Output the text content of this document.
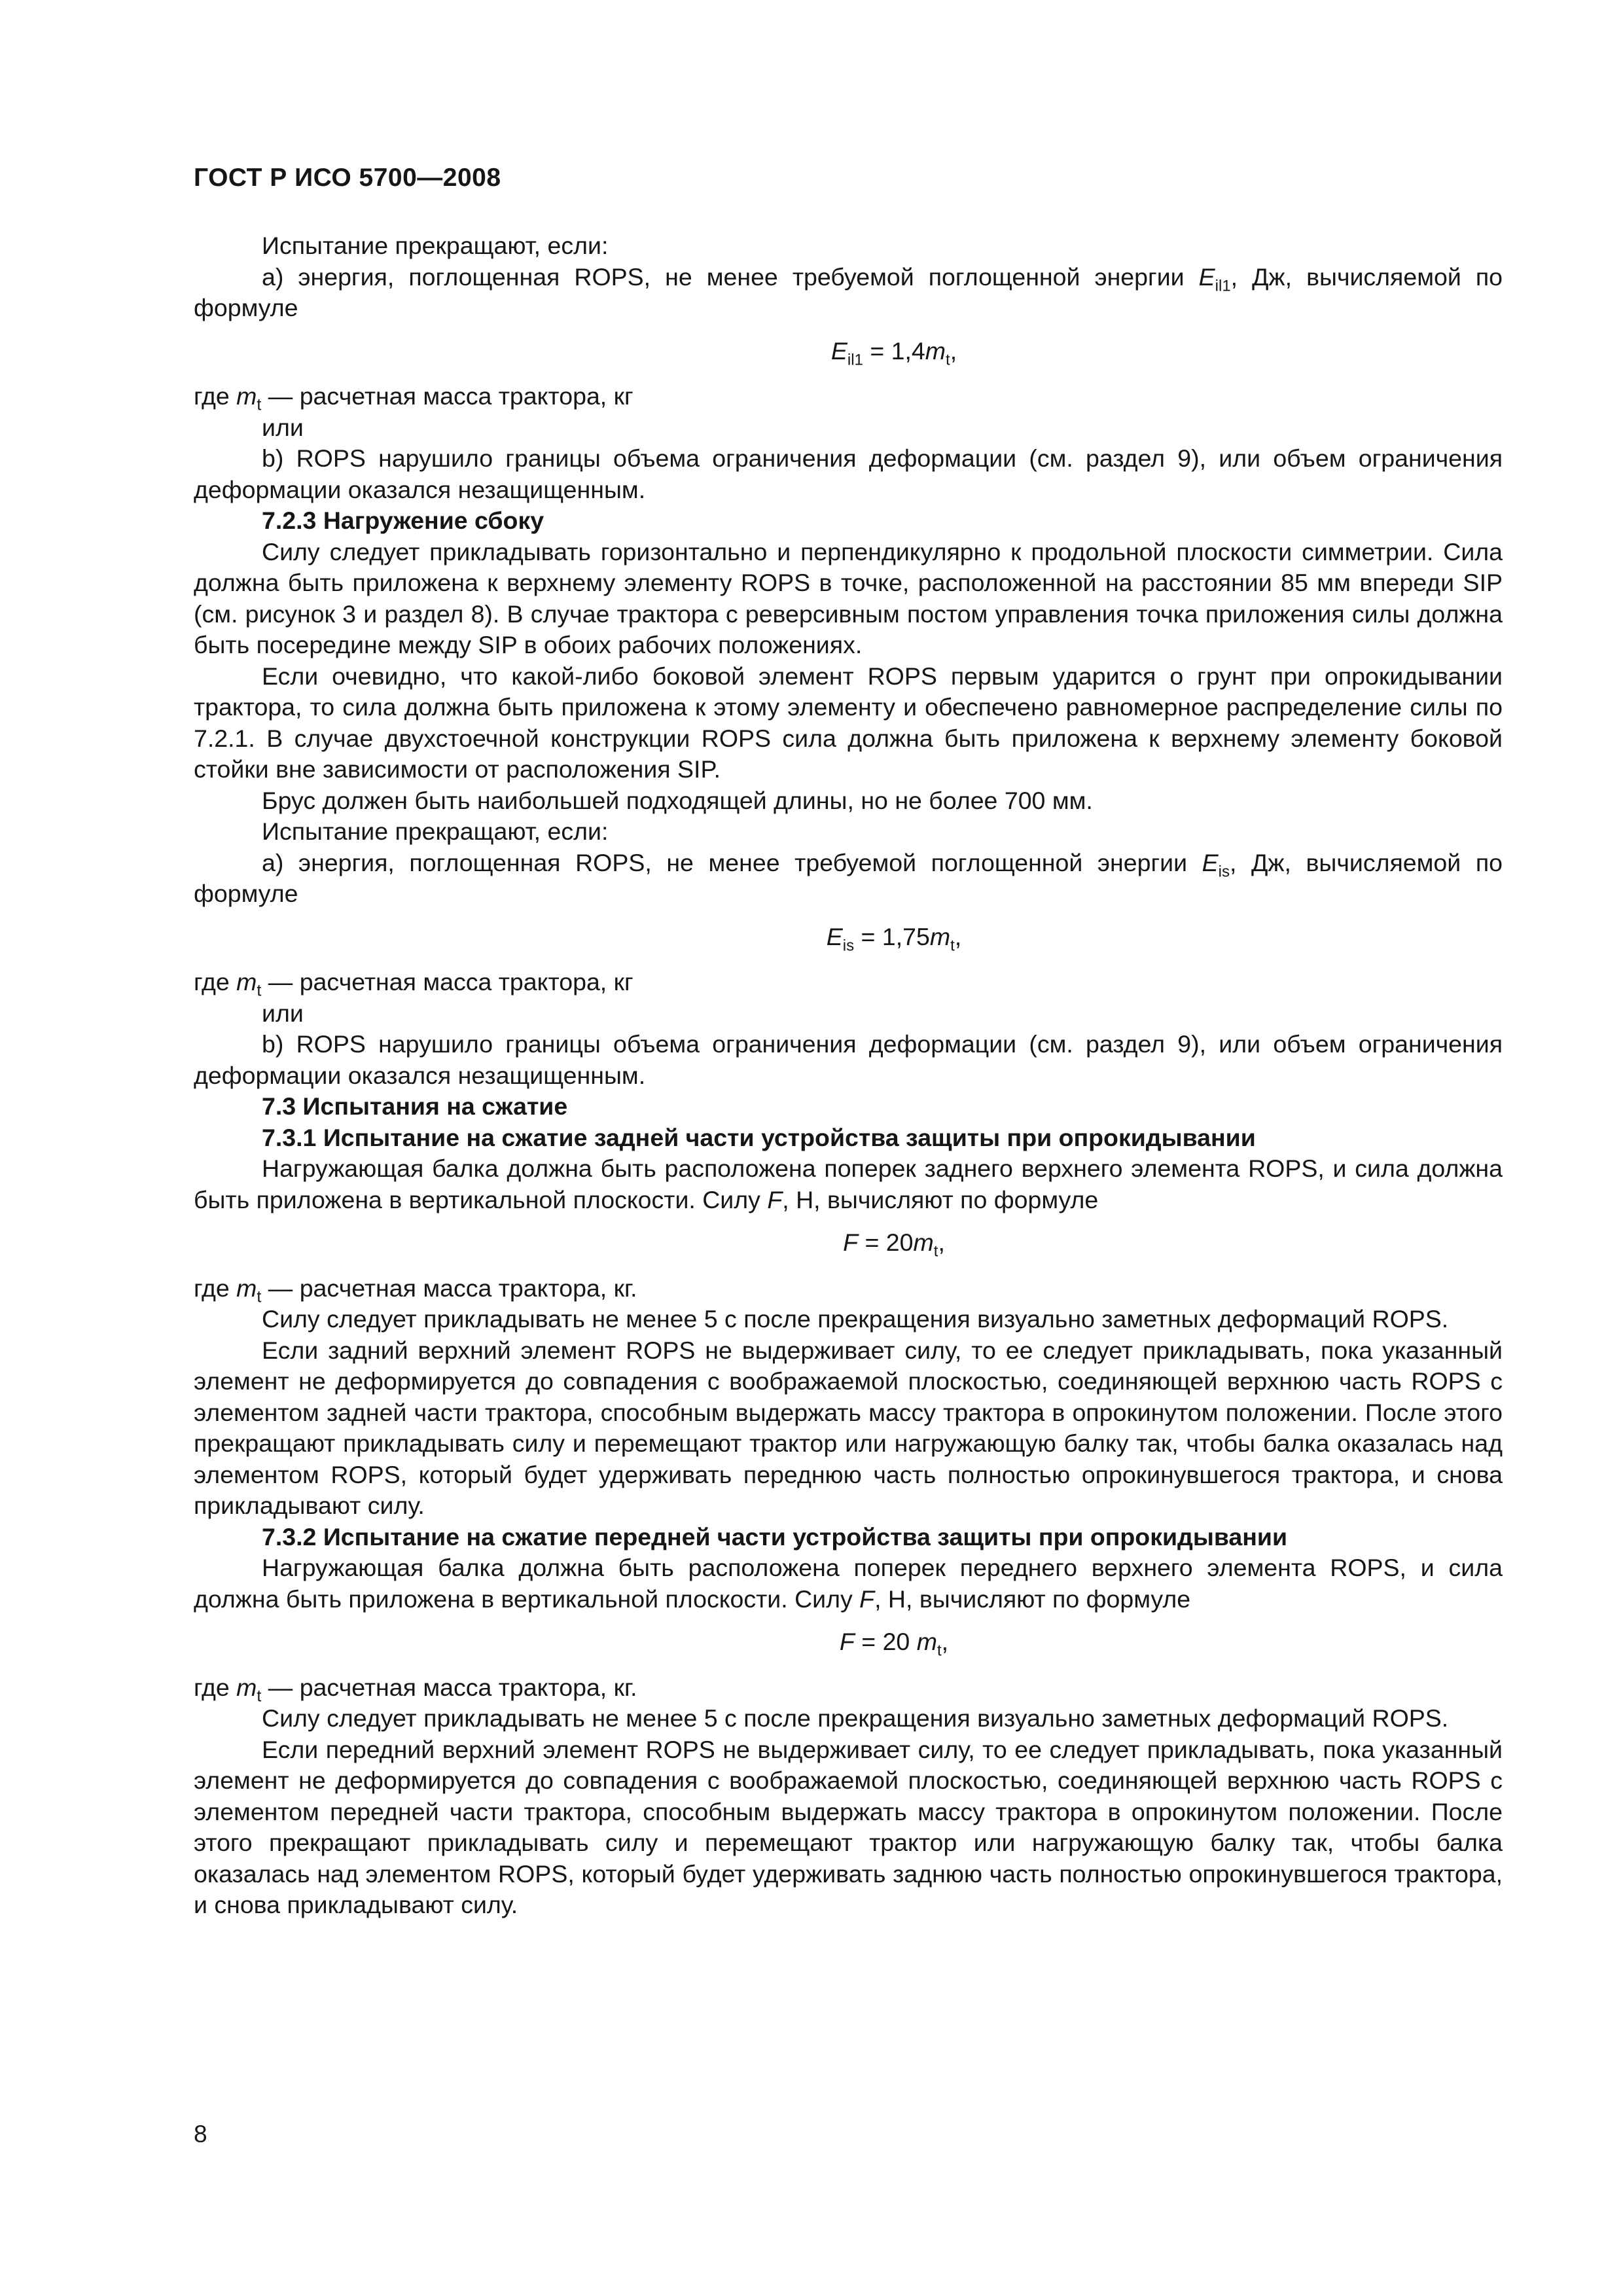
ГОСТ Р ИСО 5700—2008

Испытание прекращают, если:

a) энергия, поглощенная ROPS, не менее требуемой поглощенной энергии $E_{il1}$, Дж, вычисляемой по формуле

$E_{il1} = 1,4m_t$,

где $m_t$ — расчетная масса трактора, кг

или

b) ROPS нарушило границы объема ограничения деформации (см. раздел 9), или объем ограничения деформации оказался незащищенным.

7.2.3 Нагружение сбоку

Силу следует прикладывать горизонтально и перпендикулярно к продольной плоскости симметрии. Сила должна быть приложена к верхнему элементу ROPS в точке, расположенной на расстоянии 85 мм впереди SIP (см. рисунок 3 и раздел 8). В случае трактора с реверсивным постом управления точка приложения силы должна быть посередине между SIP в обоих рабочих положениях.

Если очевидно, что какой-либо боковой элемент ROPS первым ударится о грунт при опрокидывании трактора, то сила должна быть приложена к этому элементу и обеспечено равномерное распределение силы по 7.2.1. В случае двухстоечной конструкции ROPS сила должна быть приложена к верхнему элементу боковой стойки вне зависимости от расположения SIP.

Брус должен быть наибольшей подходящей длины, но не более 700 мм.

Испытание прекращают, если:

a) энергия, поглощенная ROPS, не менее требуемой поглощенной энергии $E_{is}$, Дж, вычисляемой по формуле

$E_{is} = 1,75m_t$,

где $m_t$ — расчетная масса трактора, кг

или

b) ROPS нарушило границы объема ограничения деформации (см. раздел 9), или объем ограничения деформации оказался незащищенным.

7.3 Испытания на сжатие

7.3.1 Испытание на сжатие задней части устройства защиты при опрокидывании

Нагружающая балка должна быть расположена поперек заднего верхнего элемента ROPS, и сила должна быть приложена в вертикальной плоскости. Силу F, Н, вычисляют по формуле

$F = 20m_t$,

где $m_t$ — расчетная масса трактора, кг.

Силу следует прикладывать не менее 5 с после прекращения визуально заметных деформаций ROPS.

Если задний верхний элемент ROPS не выдерживает силу, то ее следует прикладывать, пока указанный элемент не деформируется до совпадения с воображаемой плоскостью, соединяющей верхнюю часть ROPS с элементом задней части трактора, способным выдержать массу трактора в опрокинутом положении. После этого прекращают прикладывать силу и перемещают трактор или нагружающую балку так, чтобы балка оказалась над элементом ROPS, который будет удерживать переднюю часть полностью опрокинувшегося трактора, и снова прикладывают силу.

7.3.2 Испытание на сжатие передней части устройства защиты при опрокидывании

Нагружающая балка должна быть расположена поперек переднего верхнего элемента ROPS, и сила должна быть приложена в вертикальной плоскости. Силу F, Н, вычисляют по формуле

F = 20 $m_t$,

где $m_t$ — расчетная масса трактора, кг.

Силу следует прикладывать не менее 5 с после прекращения визуально заметных деформаций ROPS.

Если передний верхний элемент ROPS не выдерживает силу, то ее следует прикладывать, пока указанный элемент не деформируется до совпадения с воображаемой плоскостью, соединяющей верхнюю часть ROPS с элементом передней части трактора, способным выдержать массу трактора в опрокинутом положении. После этого прекращают прикладывать силу и перемещают трактор или нагружающую балку так, чтобы балка оказалась над элементом ROPS, который будет удерживать заднюю часть полностью опрокинувшегося трактора, и снова прикладывают силу.

8
